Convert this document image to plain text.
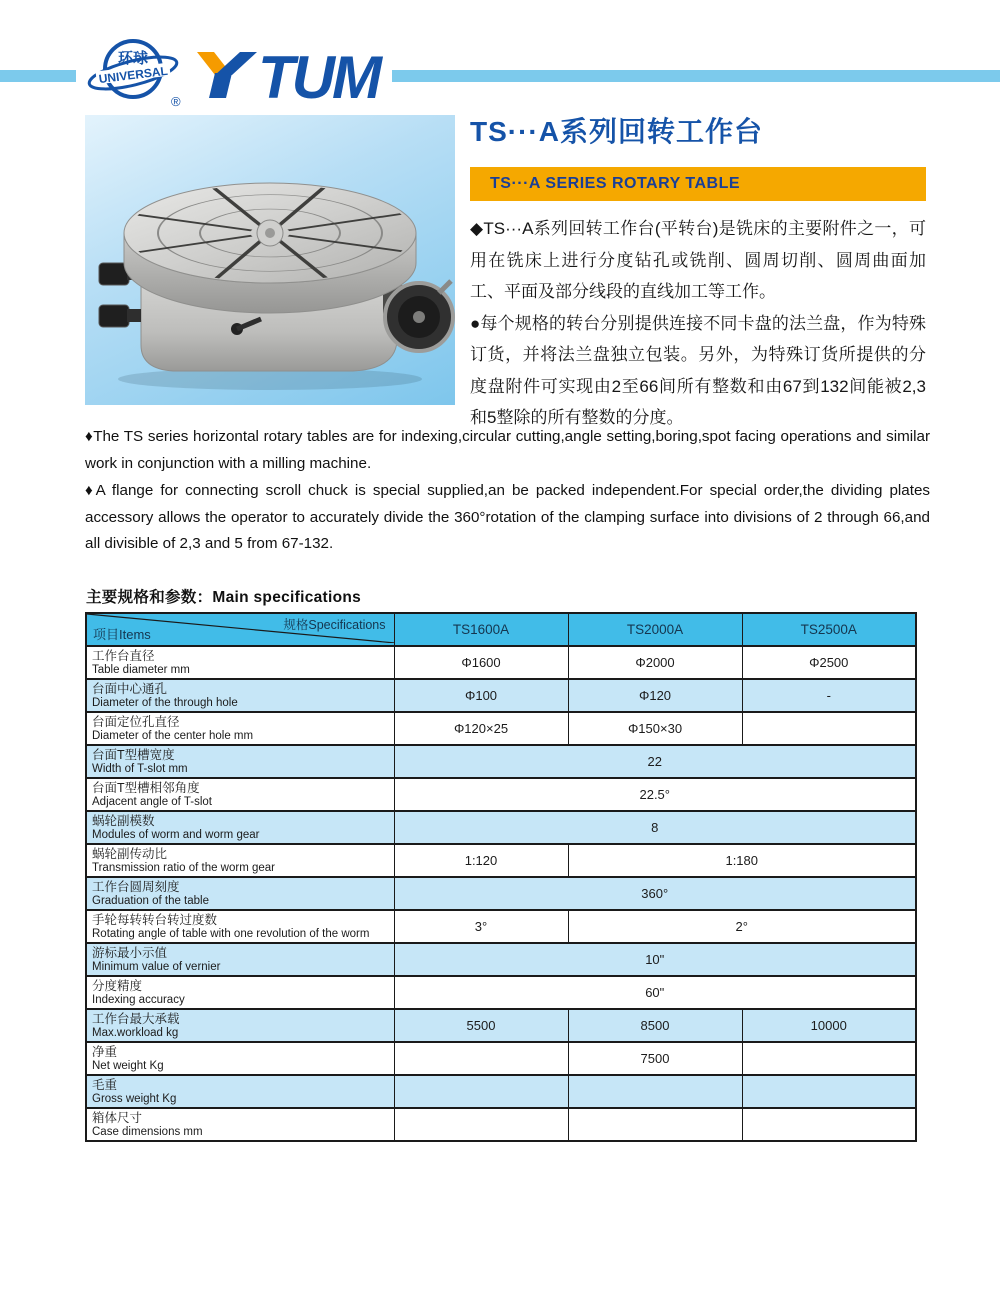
环球
UNIVERSAL
® TUM
TS···A系列回转工作台
TS···A SERIES ROTARY TABLE

◆TS···A系列回转工作台(平转台)是铣床的主要附件之一，可用在铣床上进行分度钻孔或铣削、圆周切削、圆周曲面加工、平面及部分线段的直线加工等工作。

●每个规格的转台分别提供连接不同卡盘的法兰盘，作为特殊订货，并将法兰盘独立包装。另外，为特殊订货所提供的分度盘附件可实现由2至66间所有整数和由67到132间能被2,3和5整除的所有整数的分度。

♦The TS series horizontal rotary tables are for indexing,circular cutting,angle setting,boring,spot facing operations and similar work in conjunction with a milling machine.

♦A flange for connecting scroll chuck is special supplied,an be packed independent.For special order,the dividing plates accessory allows the operator to accurately divide the 360°rotation of the clamping surface into divisions of 2 through 66,and all divisible of 2,3 and 5 from 67-132.

主要规格和参数：Main specifications
规格Specifications
项目Items	TS1600A	TS2000A	TS2500A

工作台直径
Table diameter mm	Φ1600	Φ2000	Φ2500

台面中心通孔
Diameter of the through hole	Φ100	Φ120	-

台面定位孔直径
Diameter of the center hole mm	Φ120×25	Φ150×30	

台面T型槽宽度
Width of T-slot mm	22		

台面T型槽相邻角度
Adjacent angle of T-slot	22.5°		

蜗轮副模数
Modules of worm and worm gear	8		

蜗轮副传动比
Transmission ratio of the worm gear	1:120	1:180	

工作台圆周刻度
Graduation of the table	360°		

手轮每转转台转过度数
Rotating angle of table with one revolution of the worm	3°	2°	

游标最小示值
Minimum value of vernier	10"		

分度精度
Indexing accuracy	60"		

工作台最大承载
Max.workload kg	5500	8500	10000

净重
Net weight Kg		7500	

毛重
Gross weight Kg			

箱体尺寸
Case dimensions mm			
